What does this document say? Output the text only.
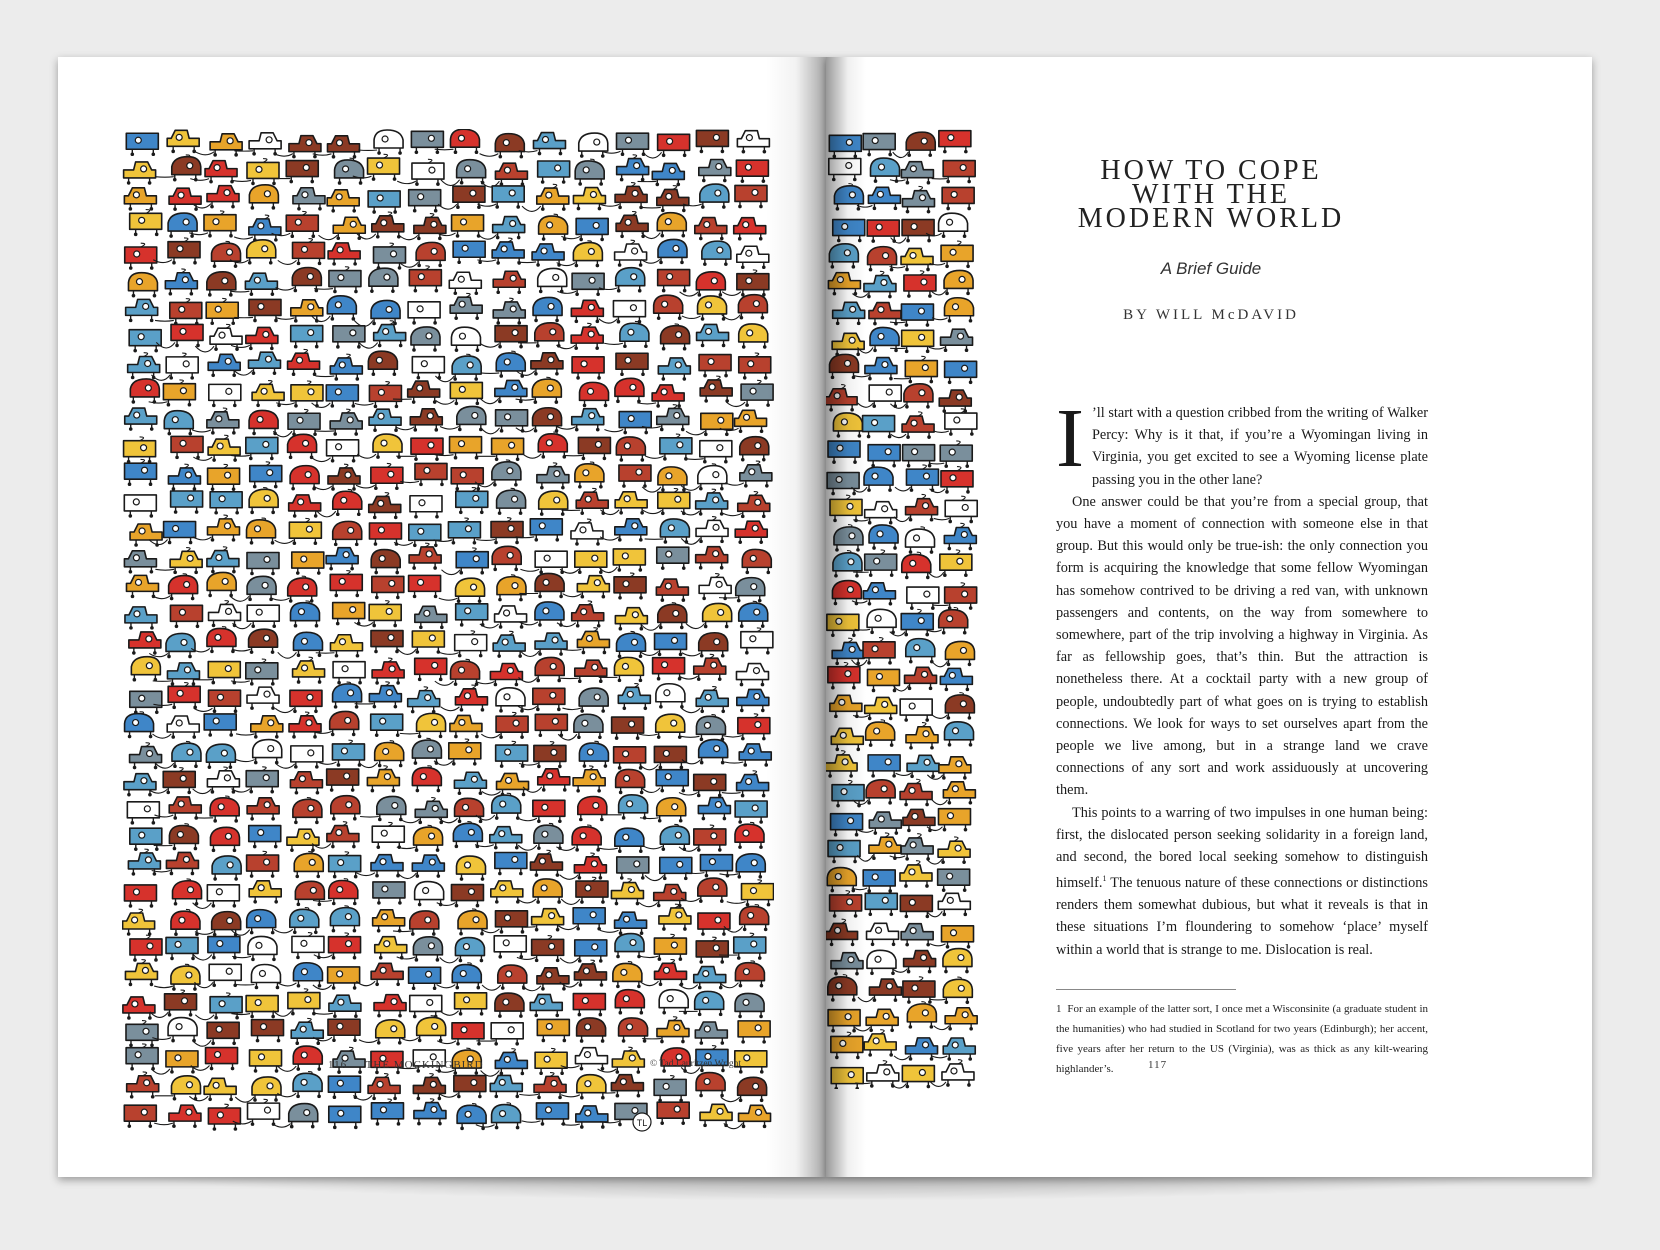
TL
116 THE MOCKINGBIRD	© Tad Lauritzen Wright
HOW TO COPE
WITH THE
MODERN WORLD
A Brief Guide
BY WILL McDAVID

I ’ll start with a question cribbed from the writing of Walker Percy: Why is it that, if you’re a Wyomingan living in Virginia, you get excited to see a Wyoming license plate passing you in the other lane?

One answer could be that you’re from a special group, that you have a moment of connection with someone else in that group. But this would only be true-ish: the only connection you form is acquiring the knowledge that some fellow Wyomingan has somehow contrived to be driving a red van, with unknown passengers and contents, on the way from somewhere to somewhere, part of the trip involving a highway in Virginia. As far as fellowship goes, that’s thin. But the attraction is nonetheless there. At a cocktail party with a new group of people, undoubtedly part of what goes on is trying to establish connections. We look for ways to set ourselves apart from the people we live among, but in a strange land we crave connections of any sort and work assiduously at uncovering them.

This points to a warring of two impulses in one human being: first, the dislocated person seeking solidarity in a foreign land, and second, the bored local seeking somehow to distinguish himself.$^1$ The tenuous nature of these connections or distinctions renders them somewhat dubious, but what it reveals is that in these situations I’m floundering to somehow ‘place’ myself within a world that is strange to me. Dislocation is real.

1 For an example of the latter sort, I once met a Wisconsinite (a graduate student in the humanities) who had studied in Scotland for two years (Edinburgh); her accent, five years after her return to the US (Virginia), was as thick as any kilt-wearing highlander’s.	117
